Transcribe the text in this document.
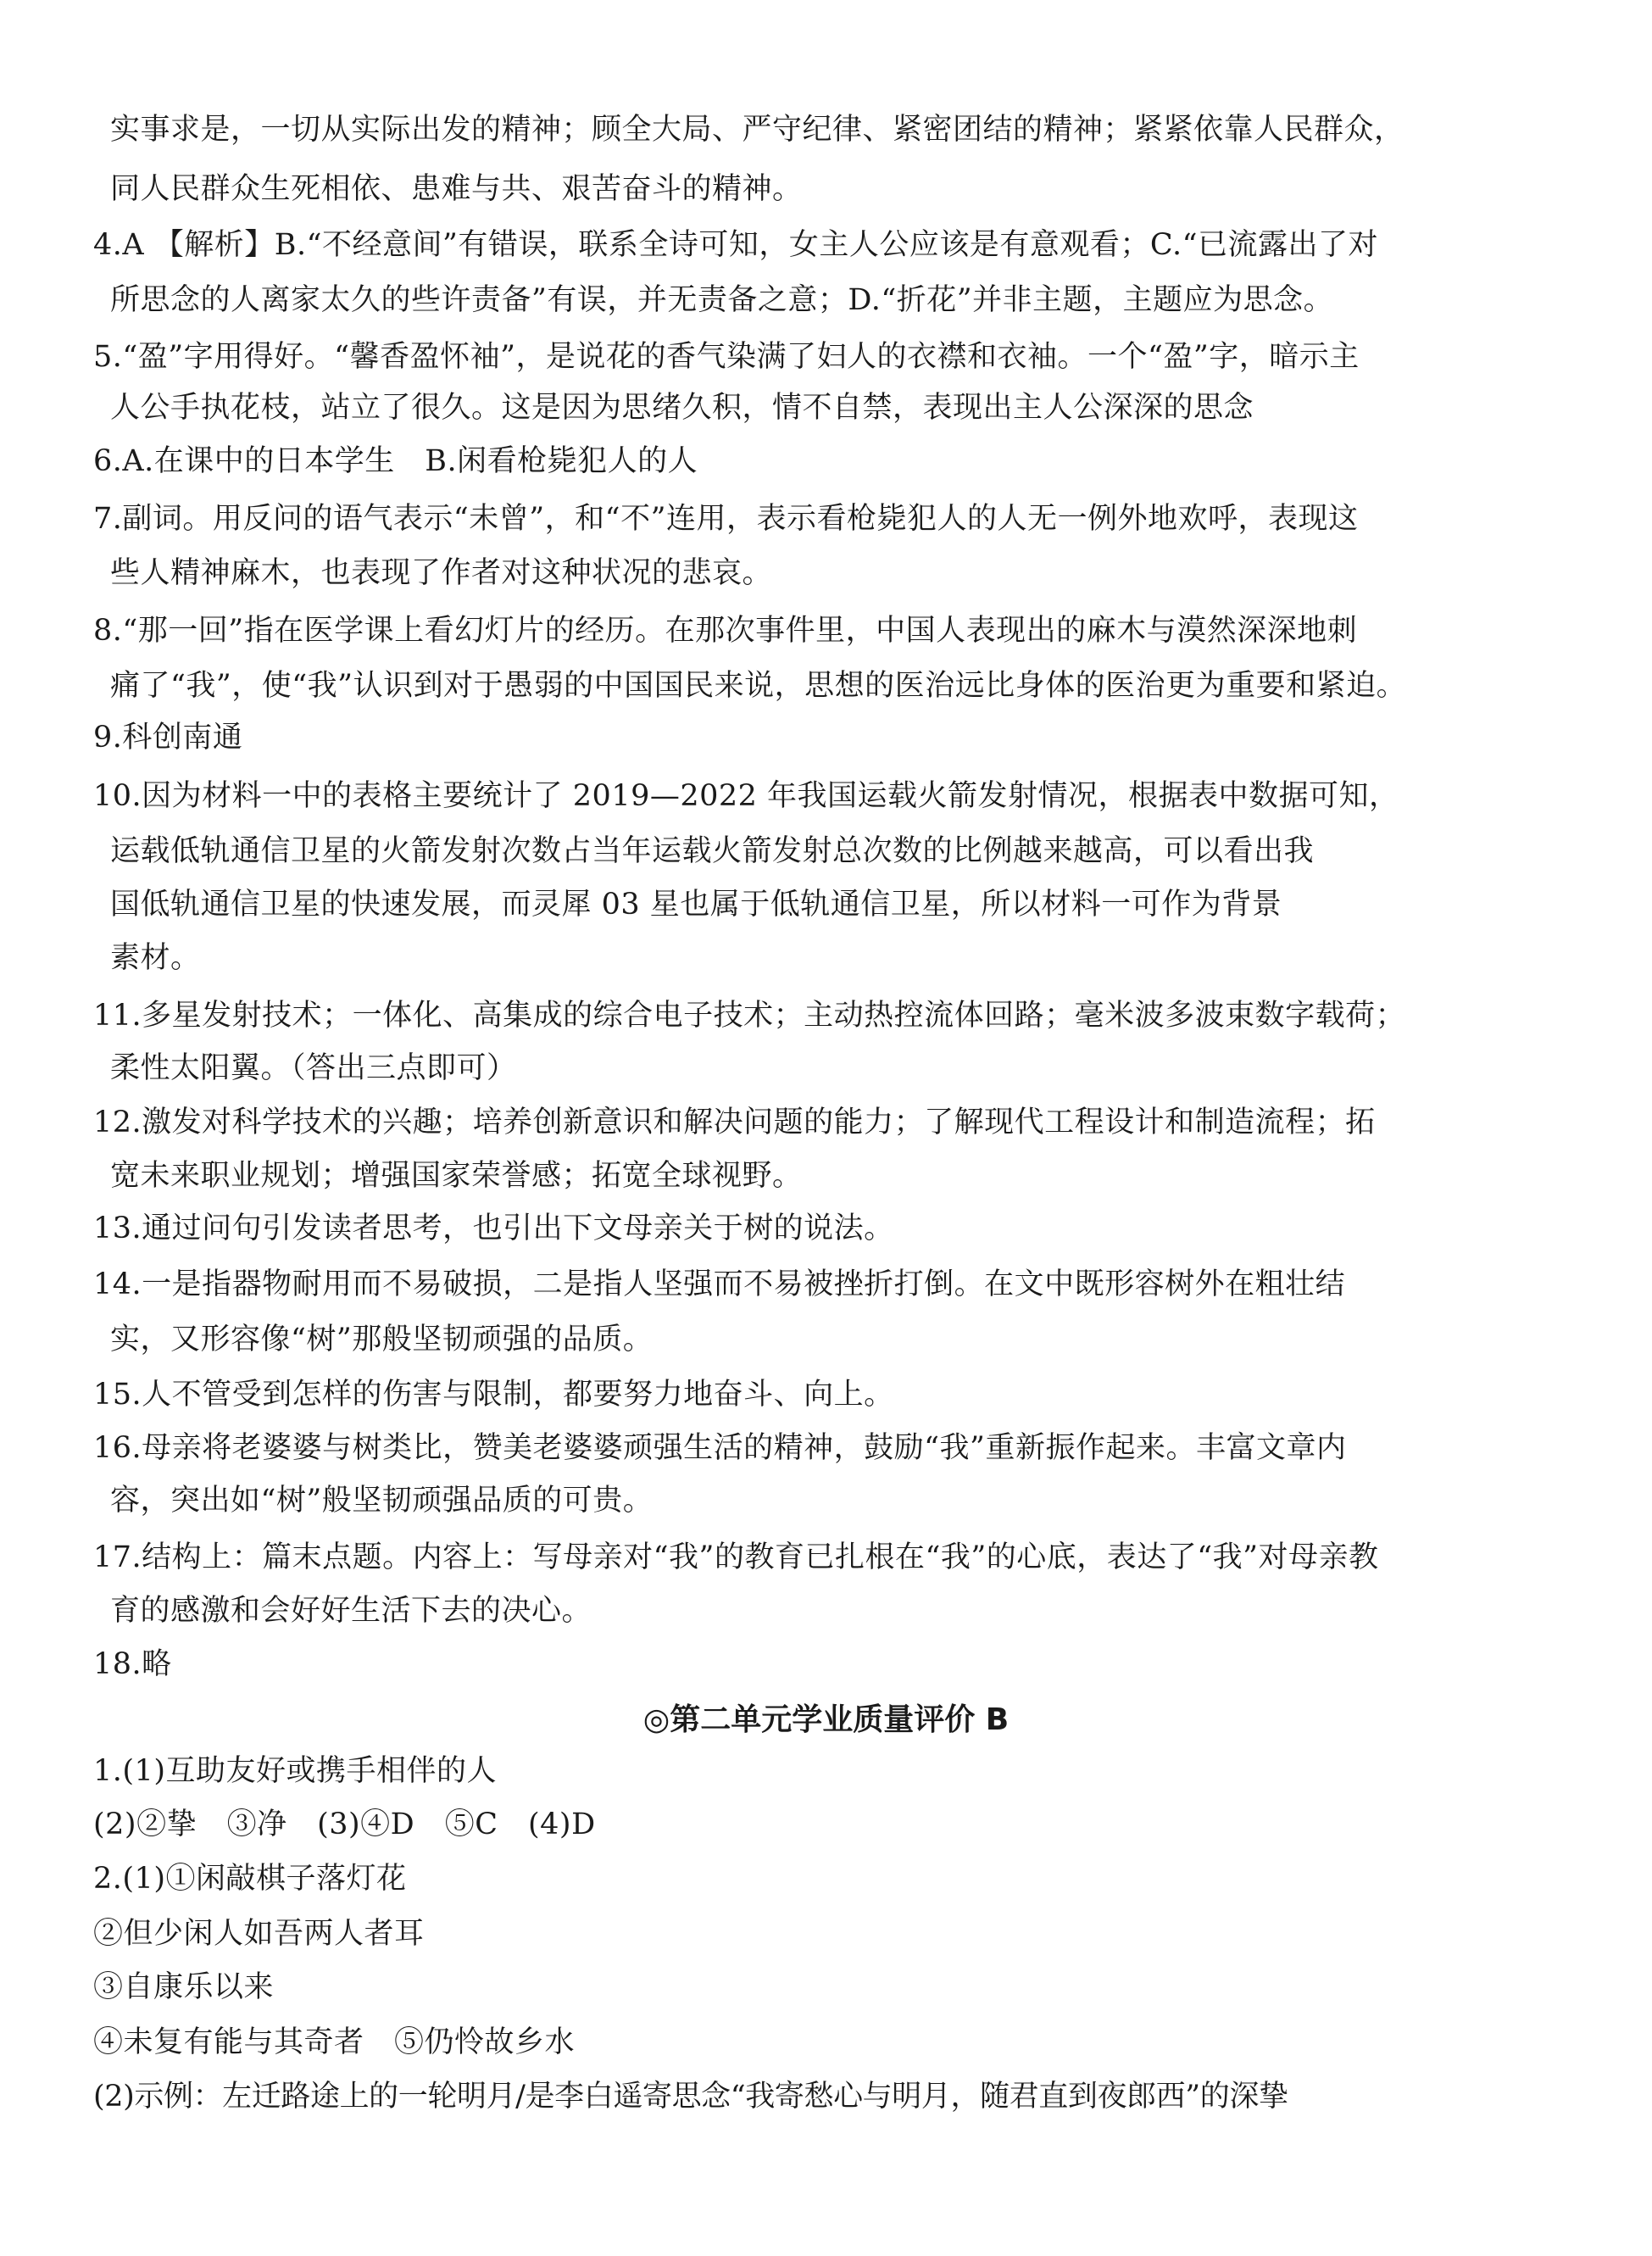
实事求是，一切从实际出发的精神；顾全大局、严守纪律、紧密团结的精神；紧紧依靠人民群众，
同人民群众生死相依、患难与共、艰苦奋斗的精神。
4.A 【解析】B.“不经意间”有错误，联系全诗可知，女主人公应该是有意观看；C.“已流露出了对
所思念的人离家太久的些许责备”有误，并无责备之意；D.“折花”并非主题，主题应为思念。
5.“盈”字用得好。“馨香盈怀袖”，是说花的香气染满了妇人的衣襟和衣袖。一个“盈”字，暗示主
人公手执花枝，站立了很久。这是因为思绪久积，情不自禁，表现出主人公深深的思念
6.A.在课中的日本学生　B.闲看枪毙犯人的人
7.副词。用反问的语气表示“未曾”，和“不”连用，表示看枪毙犯人的人无一例外地欢呼，表现这
些人精神麻木，也表现了作者对这种状况的悲哀。
8.“那一回”指在医学课上看幻灯片的经历。在那次事件里，中国人表现出的麻木与漠然深深地刺
痛了“我”，使“我”认识到对于愚弱的中国国民来说，思想的医治远比身体的医治更为重要和紧迫。
9.科创南通
10.因为材料一中的表格主要统计了 2019—2022 年我国运载火箭发射情况，根据表中数据可知，
运载低轨通信卫星的火箭发射次数占当年运载火箭发射总次数的比例越来越高，可以看出我
国低轨通信卫星的快速发展，而灵犀 03 星也属于低轨通信卫星，所以材料一可作为背景
素材。
11.多星发射技术；一体化、高集成的综合电子技术；主动热控流体回路；毫米波多波束数字载荷；
柔性太阳翼。（答出三点即可）
12.激发对科学技术的兴趣；培养创新意识和解决问题的能力；了解现代工程设计和制造流程；拓
宽未来职业规划；增强国家荣誉感；拓宽全球视野。
13.通过问句引发读者思考，也引出下文母亲关于树的说法。
14.一是指器物耐用而不易破损，二是指人坚强而不易被挫折打倒。在文中既形容树外在粗壮结
实，又形容像“树”那般坚韧顽强的品质。
15.人不管受到怎样的伤害与限制，都要努力地奋斗、向上。
16.母亲将老婆婆与树类比，赞美老婆婆顽强生活的精神，鼓励“我”重新振作起来。丰富文章内
容，突出如“树”般坚韧顽强品质的可贵。
17.结构上：篇末点题。内容上：写母亲对“我”的教育已扎根在“我”的心底，表达了“我”对母亲教
育的感激和会好好生活下去的决心。
18.略
◎第二单元学业质量评价 B
1.(1)互助友好或携手相伴的人
(2)②挚　③净　(3)④D　⑤C　(4)D
2.(1)①闲敲棋子落灯花
②但少闲人如吾两人者耳
③自康乐以来
④未复有能与其奇者　⑤仍怜故乡水
(2)示例：左迁路途上的一轮明月/是李白遥寄思念“我寄愁心与明月，随君直到夜郎西”的深挚
